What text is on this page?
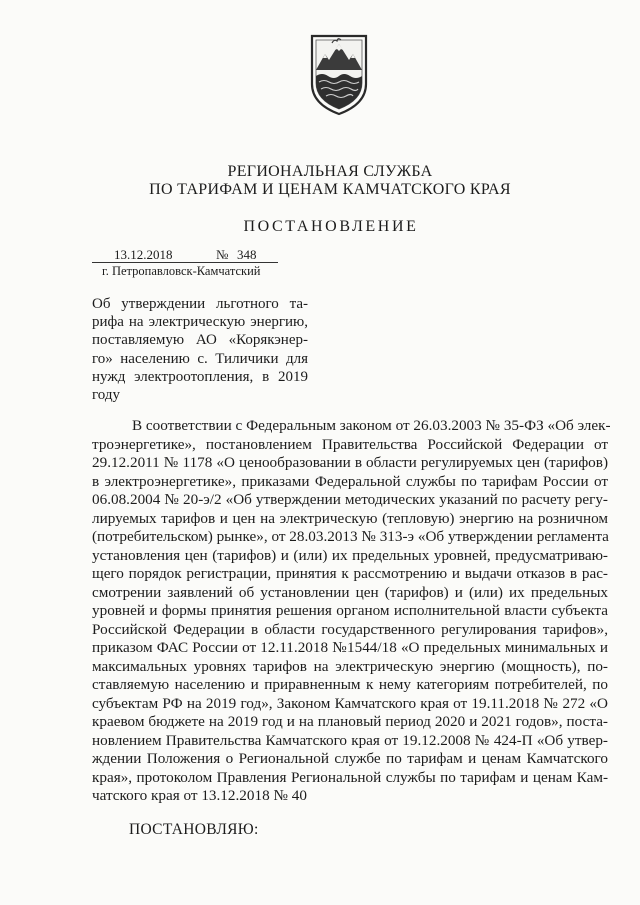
РЕГИОНАЛЬНАЯ СЛУЖБА
ПО ТАРИФАМ И ЦЕНАМ КАМЧАТСКОГО КРАЯ
ПОСТАНОВЛЕНИЕ
13.12.2018	№ 348
г. Петропавловск-Камчатский

Об утверждении льготного та-
рифа на электрическую энергию,
поставляемую АО «Корякэнер-
го» населению с. Тиличики для
нужд электроотопления, в 2019
году

В соответствии с Федеральным законом от 26.03.2003 № 35-ФЗ «Об элек-
троэнергетике», постановлением Правительства Российской Федерации от
29.12.2011 № 1178 «О ценообразовании в области регулируемых цен (тарифов)
в электроэнергетике», приказами Федеральной службы по тарифам России от
06.08.2004 № 20-э/2 «Об утверждении методических указаний по расчету регу-
лируемых тарифов и цен на электрическую (тепловую) энергию на розничном
(потребительском) рынке», от 28.03.2013 № 313-э «Об утверждении регламента
установления цен (тарифов) и (или) их предельных уровней, предусматриваю-
щего порядок регистрации, принятия к рассмотрению и выдачи отказов в рас-
смотрении заявлений об установлении цен (тарифов) и (или) их предельных
уровней и формы принятия решения органом исполнительной власти субъекта
Российской Федерации в области государственного регулирования тарифов»,
приказом ФАС России от 12.11.2018 №1544/18 «О предельных минимальных и
максимальных уровнях тарифов на электрическую энергию (мощность), по-
ставляемую населению и приравненным к нему категориям потребителей, по
субъектам РФ на 2019 год», Законом Камчатского края от 19.11.2018 № 272 «О
краевом бюджете на 2019 год и на плановый период 2020 и 2021 годов», поста-
новлением Правительства Камчатского края от 19.12.2008 № 424-П «Об утвер-
ждении Положения о Региональной службе по тарифам и ценам Камчатского
края», протоколом Правления Региональной службы по тарифам и ценам Кам-
чатского края от 13.12.2018 № 40

ПОСТАНОВЛЯЮ:
